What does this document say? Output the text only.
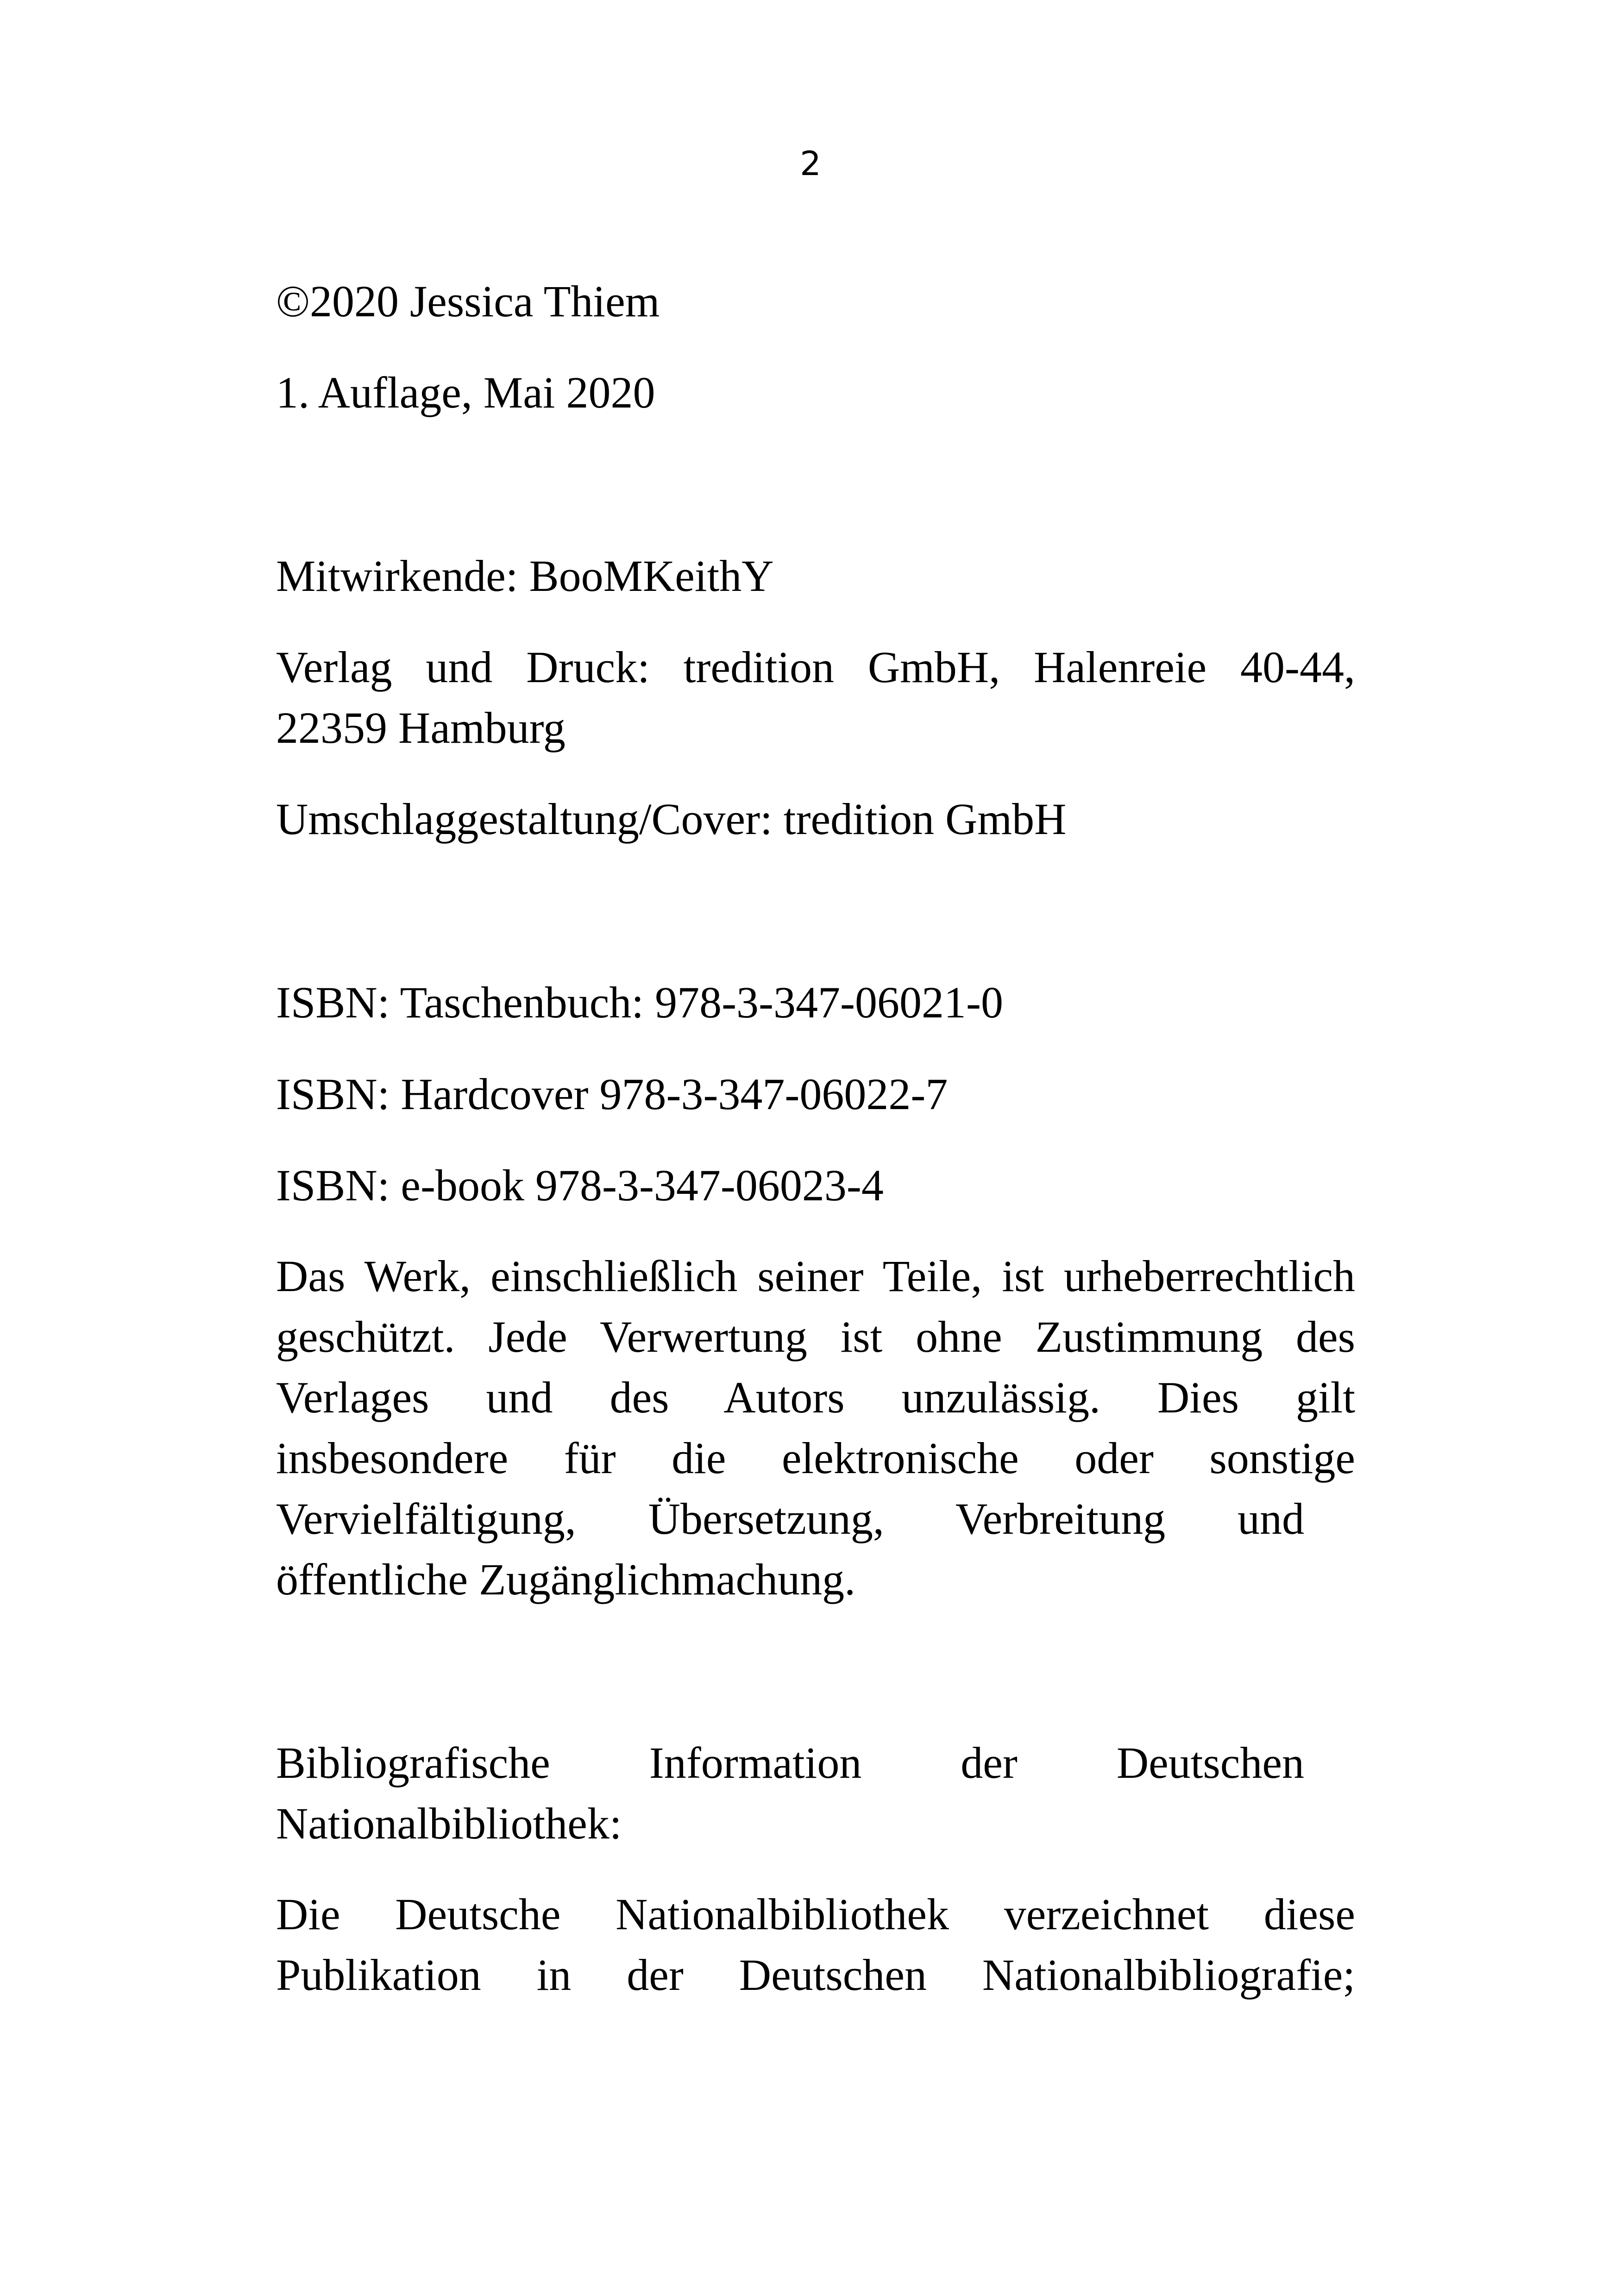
2

©2020 Jessica Thiem

1. Auflage, Mai 2020

Mitwirkende: BooMKeithY

Verlag und Druck: tredition GmbH, Halenreie 40-44,
22359 Hamburg

Umschlaggestaltung/Cover: tredition GmbH

ISBN: Taschenbuch: 978-3-347-06021-0

ISBN: Hardcover 978-3-347-06022-7

ISBN: e-book 978-3-347-06023-4

Das Werk, einschließlich seiner Teile, ist urheberrechtlich
geschützt. Jede Verwertung ist ohne Zustimmung des
Verlages und des Autors unzulässig. Dies gilt
insbesondere für die elektronische oder sonstige
Vervielfältigung, Übersetzung, Verbreitung und
öffentliche Zugänglichmachung.

Bibliografische Information der Deutschen
Nationalbibliothek:

Die Deutsche Nationalbibliothek verzeichnet diese
Publikation in der Deutschen Nationalbibliografie;
